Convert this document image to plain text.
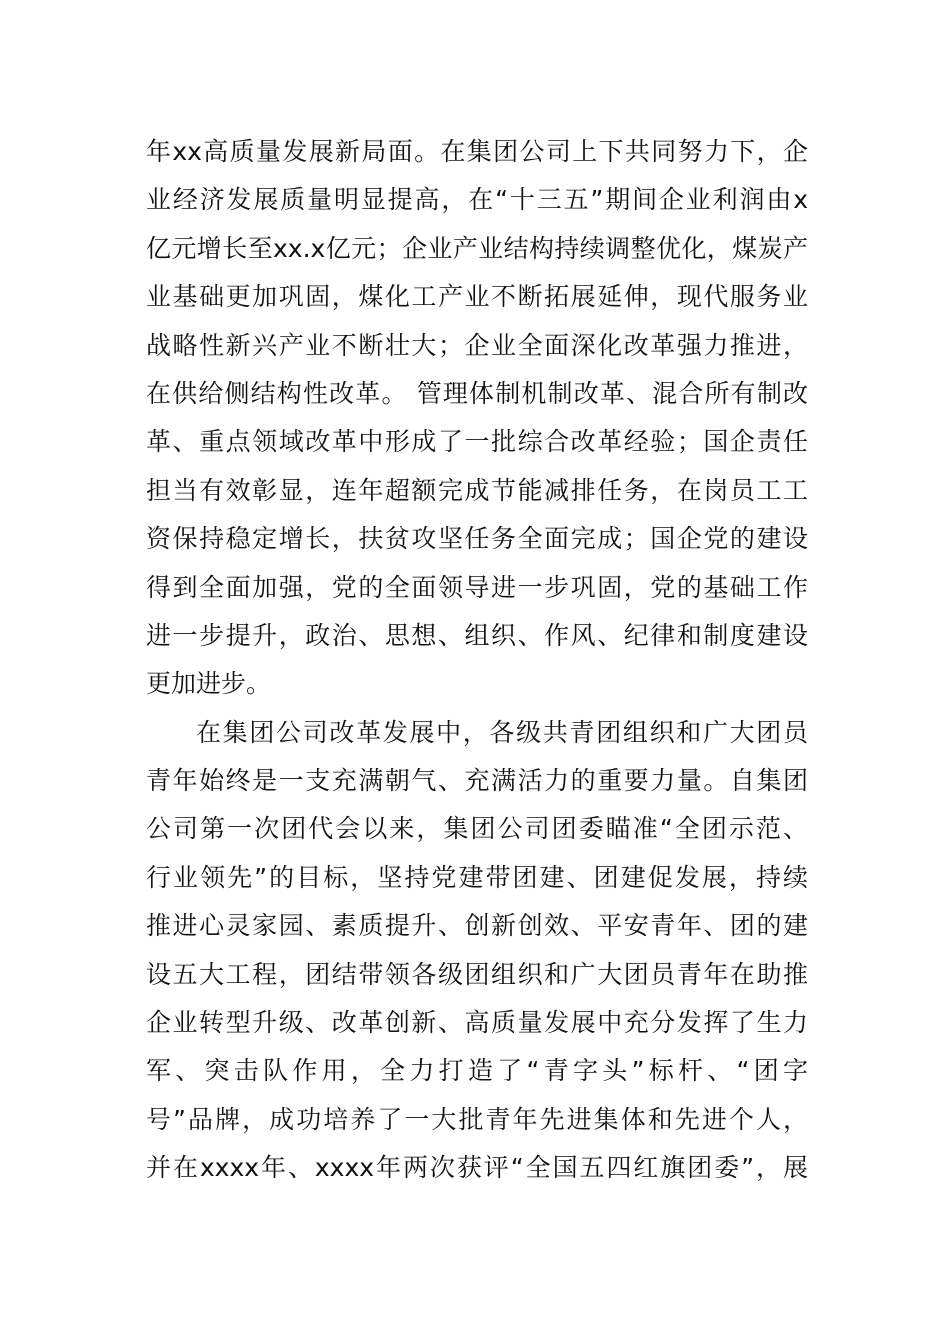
年xx高质量发展新局面。在集团公司上下共同努力下，企
业经济发展质量明显提高，在“十三五”期间企业利润由x
亿元增长至xx.x亿元；企业产业结构持续调整优化，煤炭产
业基础更加巩固，煤化工产业不断拓展延伸，现代服务业
战略性新兴产业不断壮大；企业全面深化改革强力推进，
在供给侧结构性改革。 管理体制机制改革、混合所有制改
革、重点领域改革中形成了一批综合改革经验；国企责任
担当有效彰显，连年超额完成节能减排任务，在岗员工工
资保持稳定增长，扶贫攻坚任务全面完成；国企党的建设
得到全面加强，党的全面领导进一步巩固，党的基础工作
进一步提升，政治、思想、组织、作风、纪律和制度建设
更加进步。
在集团公司改革发展中，各级共青团组织和广大团员
青年始终是一支充满朝气、充满活力的重要力量。自集团
公司第一次团代会以来，集团公司团委瞄准“全团示范、
行业领先”的目标，坚持党建带团建、团建促发展，持续
推进心灵家园、素质提升、创新创效、平安青年、团的建
设五大工程，团结带领各级团组织和广大团员青年在助推
企业转型升级、改革创新、高质量发展中充分发挥了生力
军、突击队作用，全力打造了“青字头”标杆、“团字
号”品牌，成功培养了一大批青年先进集体和先进个人，
并在xxxx年、xxxx年两次获评“全国五四红旗团委”，展
